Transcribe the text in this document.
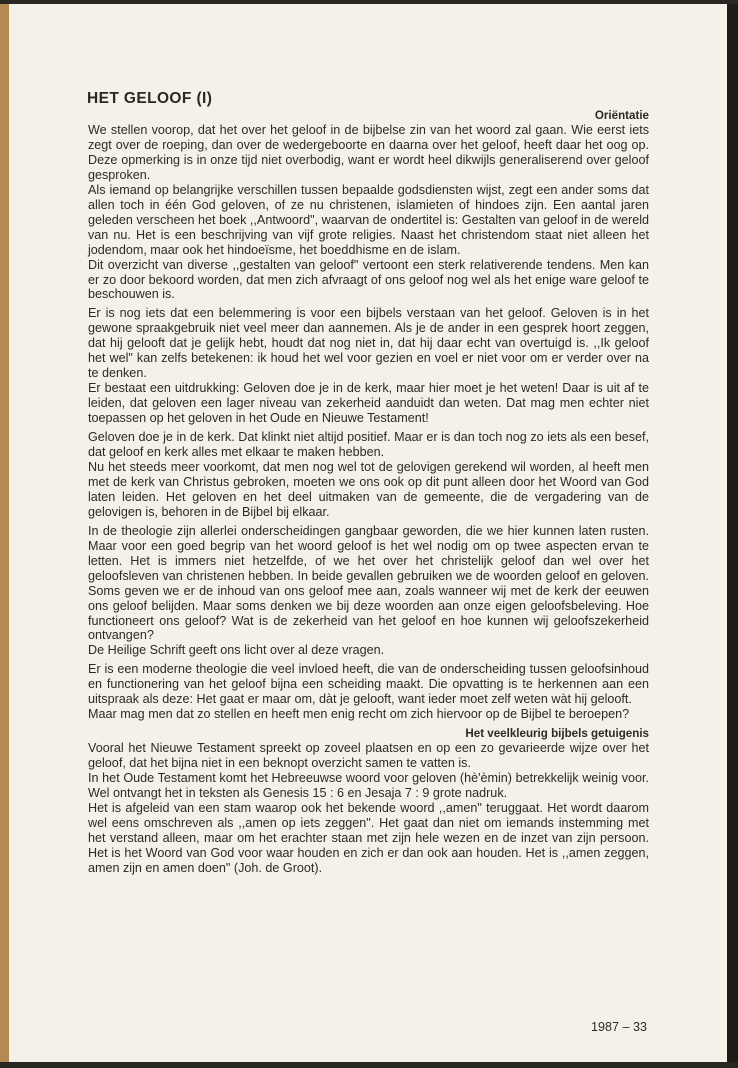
HET GELOOF (I)
Oriëntatie

We stellen voorop, dat het over het geloof in de bijbelse zin van het woord zal gaan. Wie eerst iets zegt over de roeping, dan over de wedergeboorte en daarna over het geloof, heeft daar het oog op. Deze opmerking is in onze tijd niet overbodig, want er wordt heel dikwijls generaliserend over geloof gesproken.

Als iemand op belangrijke verschillen tussen bepaalde godsdiensten wijst, zegt een ander soms dat allen toch in één God geloven, of ze nu christenen, islamieten of hindoes zijn. Een aantal jaren geleden verscheen het boek ,,Antwoord", waarvan de ondertitel is: Gestalten van geloof in de wereld van nu. Het is een beschrijving van vijf grote religies. Naast het christendom staat niet alleen het jodendom, maar ook het hindoeïsme, het boeddhisme en de islam.

Dit overzicht van diverse ,,gestalten van geloof" vertoont een sterk relativerende tendens. Men kan er zo door bekoord worden, dat men zich afvraagt of ons geloof nog wel als het enige ware geloof te beschouwen is.

Er is nog iets dat een belemmering is voor een bijbels verstaan van het geloof. Geloven is in het gewone spraakgebruik niet veel meer dan aannemen. Als je de ander in een gesprek hoort zeggen, dat hij gelooft dat je gelijk hebt, houdt dat nog niet in, dat hij daar echt van overtuigd is. ,,Ik geloof het wel" kan zelfs betekenen: ik houd het wel voor gezien en voel er niet voor om er verder over na te denken.

Er bestaat een uitdrukking: Geloven doe je in de kerk, maar hier moet je het weten! Daar is uit af te leiden, dat geloven een lager niveau van zekerheid aanduidt dan weten. Dat mag men echter niet toepassen op het geloven in het Oude en Nieuwe Testament!

Geloven doe je in de kerk. Dat klinkt niet altijd positief. Maar er is dan toch nog zo iets als een besef, dat geloof en kerk alles met elkaar te maken hebben.

Nu het steeds meer voorkomt, dat men nog wel tot de gelovigen gerekend wil worden, al heeft men met de kerk van Christus gebroken, moeten we ons ook op dit punt alleen door het Woord van God laten leiden. Het geloven en het deel uitmaken van de gemeente, die de vergadering van de gelovigen is, behoren in de Bijbel bij elkaar.

In de theologie zijn allerlei onderscheidingen gangbaar geworden, die we hier kunnen laten rusten. Maar voor een goed begrip van het woord geloof is het wel nodig om op twee aspecten ervan te letten. Het is immers niet hetzelfde, of we het over het christelijk geloof dan wel over het geloofsleven van christenen hebben. In beide gevallen gebruiken we de woorden geloof en geloven. Soms geven we er de inhoud van ons geloof mee aan, zoals wanneer wij met de kerk der eeuwen ons geloof belijden. Maar soms denken we bij deze woorden aan onze eigen geloofsbeleving. Hoe functioneert ons geloof? Wat is de zekerheid van het geloof en hoe kunnen wij geloofszekerheid ontvangen?

De Heilige Schrift geeft ons licht over al deze vragen.

Er is een moderne theologie die veel invloed heeft, die van de onderscheiding tussen geloofsinhoud en functionering van het geloof bijna een scheiding maakt. Die opvatting is te herkennen aan een uitspraak als deze: Het gaat er maar om, dàt je gelooft, want ieder moet zelf weten wàt hij gelooft.

Maar mag men dat zo stellen en heeft men enig recht om zich hiervoor op de Bijbel te beroepen?

Het veelkleurig bijbels getuigenis

Vooral het Nieuwe Testament spreekt op zoveel plaatsen en op een zo gevarieerde wijze over het geloof, dat het bijna niet in een beknopt overzicht samen te vatten is.

In het Oude Testament komt het Hebreeuwse woord voor geloven (hè'èmin) betrekkelijk weinig voor. Wel ontvangt het in teksten als Genesis 15 : 6 en Jesaja 7 : 9 grote nadruk.

Het is afgeleid van een stam waarop ook het bekende woord ,,amen" teruggaat. Het wordt daarom wel eens omschreven als ,,amen op iets zeggen". Het gaat dan niet om iemands instemming met het verstand alleen, maar om het erachter staan met zijn hele wezen en de inzet van zijn persoon. Het is het Woord van God voor waar houden en zich er dan ook aan houden. Het is ,,amen zeggen, amen zijn en amen doen" (Joh. de Groot).

1987 – 33
